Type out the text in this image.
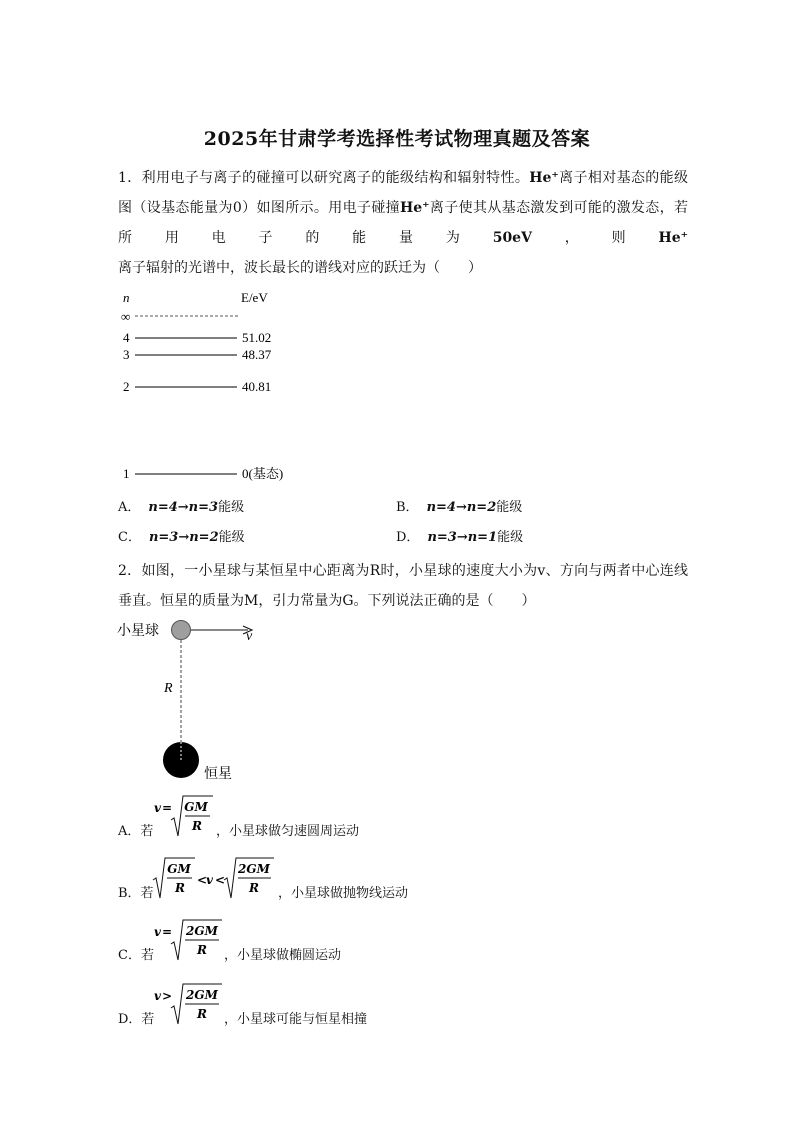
2025年甘肃学考选择性考试物理真题及答案
1．利用电子与离子的碰撞可以研究离子的能级结构和辐射特性。He⁺离子相对基态的能级图（设基态能量为0）如图所示。用电子碰撞He⁺离子使其从基态激发到可能的激发态，若所用电子的能量为50eV，则He⁺离子辐射的光谱中，波长最长的谱线对应的跃迁为（　　）
n	E/eV
∞
4	51.02
3	48.37
2	40.81
1	0(基态)
A． n=4→n=3能级	B． n=4→n=2能级
C． n=3→n=2能级	D． n=3→n=1能级
2．如图，一小星球与某恒星中心距离为R时，小星球的速度大小为v、方向与两者中心连线垂直。恒星的质量为M，引力常量为G。下列说法正确的是（　　）
小星球	v
R
恒星
A．若
v = GM
R ，小星球做匀速圆周运动
B．若
GM
R
<
v <
2GM
R ，小星球做抛物线运动
C．若
v = 2GM
R ，小星球做椭圆运动
D．若
v > 2GM
R ，小星球可能与恒星相撞
